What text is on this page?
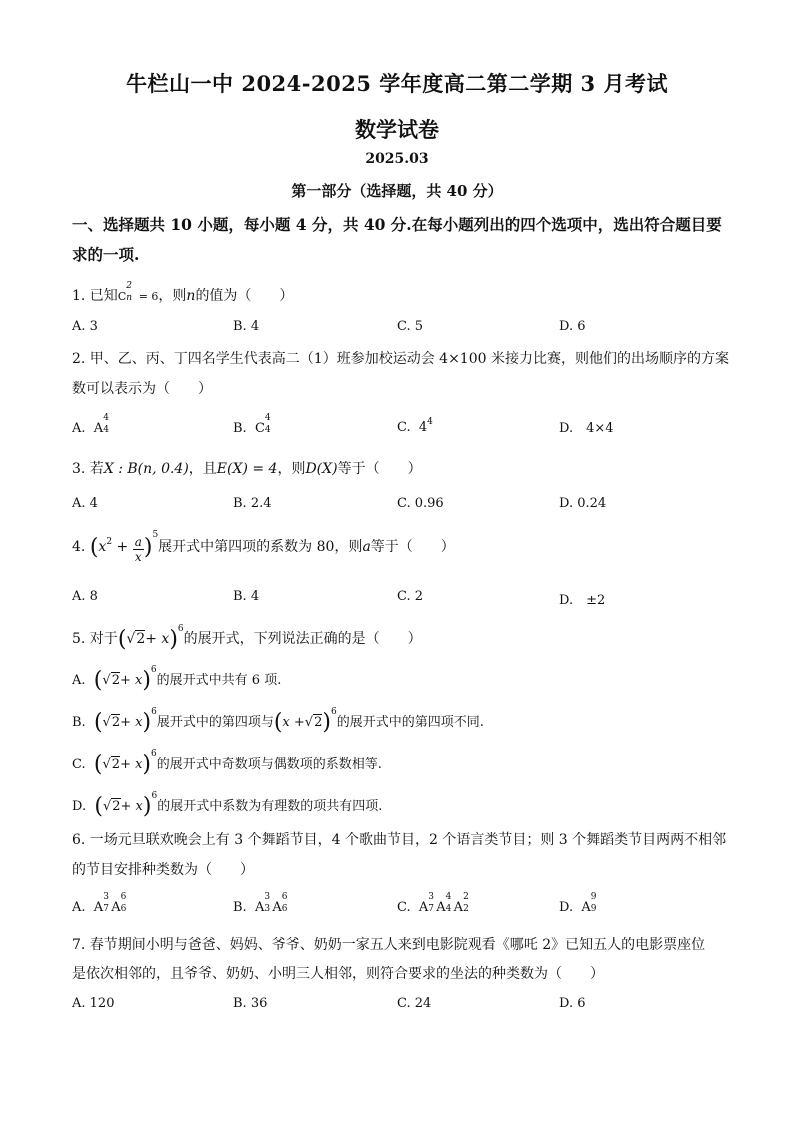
牛栏山一中 2024-2025 学年度高二第二学期 3 月考试
数学试卷
2025.03
第一部分（选择题，共 40 分）
一、选择题共 10 小题，每小题 4 分，共 40 分.在每小题列出的四个选项中，选出符合题目要
求的一项.
1. 已知C
2
n = 6，则n的值为（　　）
A. 3	B. 4	C. 5	D. 6
2. 甲、乙、丙、丁四名学生代表高二（1）班参加校运动会 4×100 米接力比赛，则他们的出场顺序的方案
数可以表示为（　　）
A. A
4
4	B. C
4
4	C. $4^4$	D.　4×4
3. 若X : B(n, 0.4)，且E(X) = 4，则D(X)等于（　　）
A. 4	B. 2.4	C. 0.96	D. 0.24
4. $(x^2 + \frac{a}{x} )^5$展开式中第四项的系数为 80，则a等于（　　）
A. 8	B. 4	C. 2	D.　±2
5. 对于$(√2+ x)^6$的展开式，下列说法正确的是（　　）
A. $(√2+ x)^6$的展开式中共有 6 项.
B. $(√2+ x)^6$展开式中的第四项与$(x +√2)^6$的展开式中的第四项不同.
C. $(√2+ x)^6$的展开式中奇数项与偶数项的系数相等.
D. $(√2+ x)^6$的展开式中系数为有理数的项共有四项.
6. 一场元旦联欢晚会上有 3 个舞蹈节目，4 个歌曲节目，2 个语言类节目；则 3 个舞蹈类节目两两不相邻
的节目安排种类数为（　　）
A. A
3
7 A
6
6	B. A
3
3 A
6
6	C. A
3
7 A
4
4 A
2
2	D. A
9
9
7. 春节期间小明与爸爸、妈妈、爷爷、奶奶一家五人来到电影院观看《哪吒 2》已知五人的电影票座位
是依次相邻的，且爷爷、奶奶、小明三人相邻，则符合要求的坐法的种类数为（　　）
A. 120	B. 36	C. 24	D. 6
